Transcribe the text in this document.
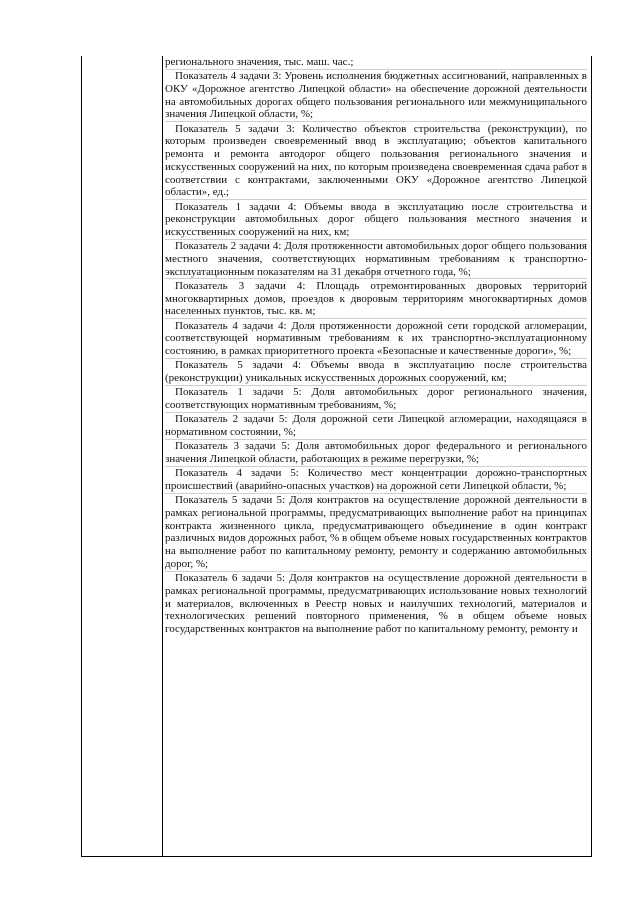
регионального значения, тыс. маш. час.;

Показатель 4 задачи 3: Уровень исполнения бюджетных ассигнований, направленных в ОКУ «Дорожное агентство Липецкой области» на обеспечение дорожной деятельности на автомобильных дорогах общего пользования регионального или межмуниципального значения Липецкой области, %;

Показатель 5 задачи 3: Количество объектов строительства (реконструкции), по которым произведен своевременный ввод в эксплуатацию; объектов капитального ремонта и ремонта автодорог общего пользования регионального значения и искусственных сооружений на них, по которым произведена своевременная сдача работ в соответствии с контрактами, заключенными ОКУ «Дорожное агентство Липецкой области», ед.;

Показатель 1 задачи 4: Объемы ввода в эксплуатацию после строительства и реконструкции автомобильных дорог общего пользования местного значения и искусственных сооружений на них, км;

Показатель 2 задачи 4: Доля протяженности автомобильных дорог общего пользования местного значения, соответствующих нормативным требованиям к транспортно-эксплуатационным показателям на 31 декабря отчетного года, %;

Показатель 3 задачи 4: Площадь отремонтированных дворовых территорий многоквартирных домов, проездов к дворовым территориям многоквартирных домов населенных пунктов, тыс. кв. м;

Показатель 4 задачи 4: Доля протяженности дорожной сети городской агломерации, соответствующей нормативным требованиям к их транспортно-эксплуатационному состоянию, в рамках приоритетного проекта «Безопасные и качественные дороги», %;

Показатель 5 задачи 4: Объемы ввода в эксплуатацию после строительства (реконструкции) уникальных искусственных дорожных сооружений, км;

Показатель 1 задачи 5: Доля автомобильных дорог регионального значения, соответствующих нормативным требованиям, %;

Показатель 2 задачи 5: Доля дорожной сети Липецкой агломерации, находящаяся в нормативном состоянии, %;

Показатель 3 задачи 5: Доля автомобильных дорог федерального и регионального значения Липецкой области, работающих в режиме перегрузки, %;

Показатель 4 задачи 5: Количество мест концентрации дорожно-транспортных происшествий (аварийно-опасных участков) на дорожной сети Липецкой области, %;

Показатель 5 задачи 5: Доля контрактов на осуществление дорожной деятельности в рамках региональной программы, предусматривающих выполнение работ на принципах контракта жизненного цикла, предусматривающего объединение в один контракт различных видов дорожных работ, % в общем объеме новых государственных контрактов на выполнение работ по капитальному ремонту, ремонту и содержанию автомобильных дорог, %;

Показатель 6 задачи 5: Доля контрактов на осуществление дорожной деятельности в рамках региональной программы, предусматривающих использование новых технологий и материалов, включенных в Реестр новых и наилучших технологий, материалов и технологических решений повторного применения, % в общем объеме новых государственных контрактов на выполнение работ по капитальному ремонту, ремонту и
